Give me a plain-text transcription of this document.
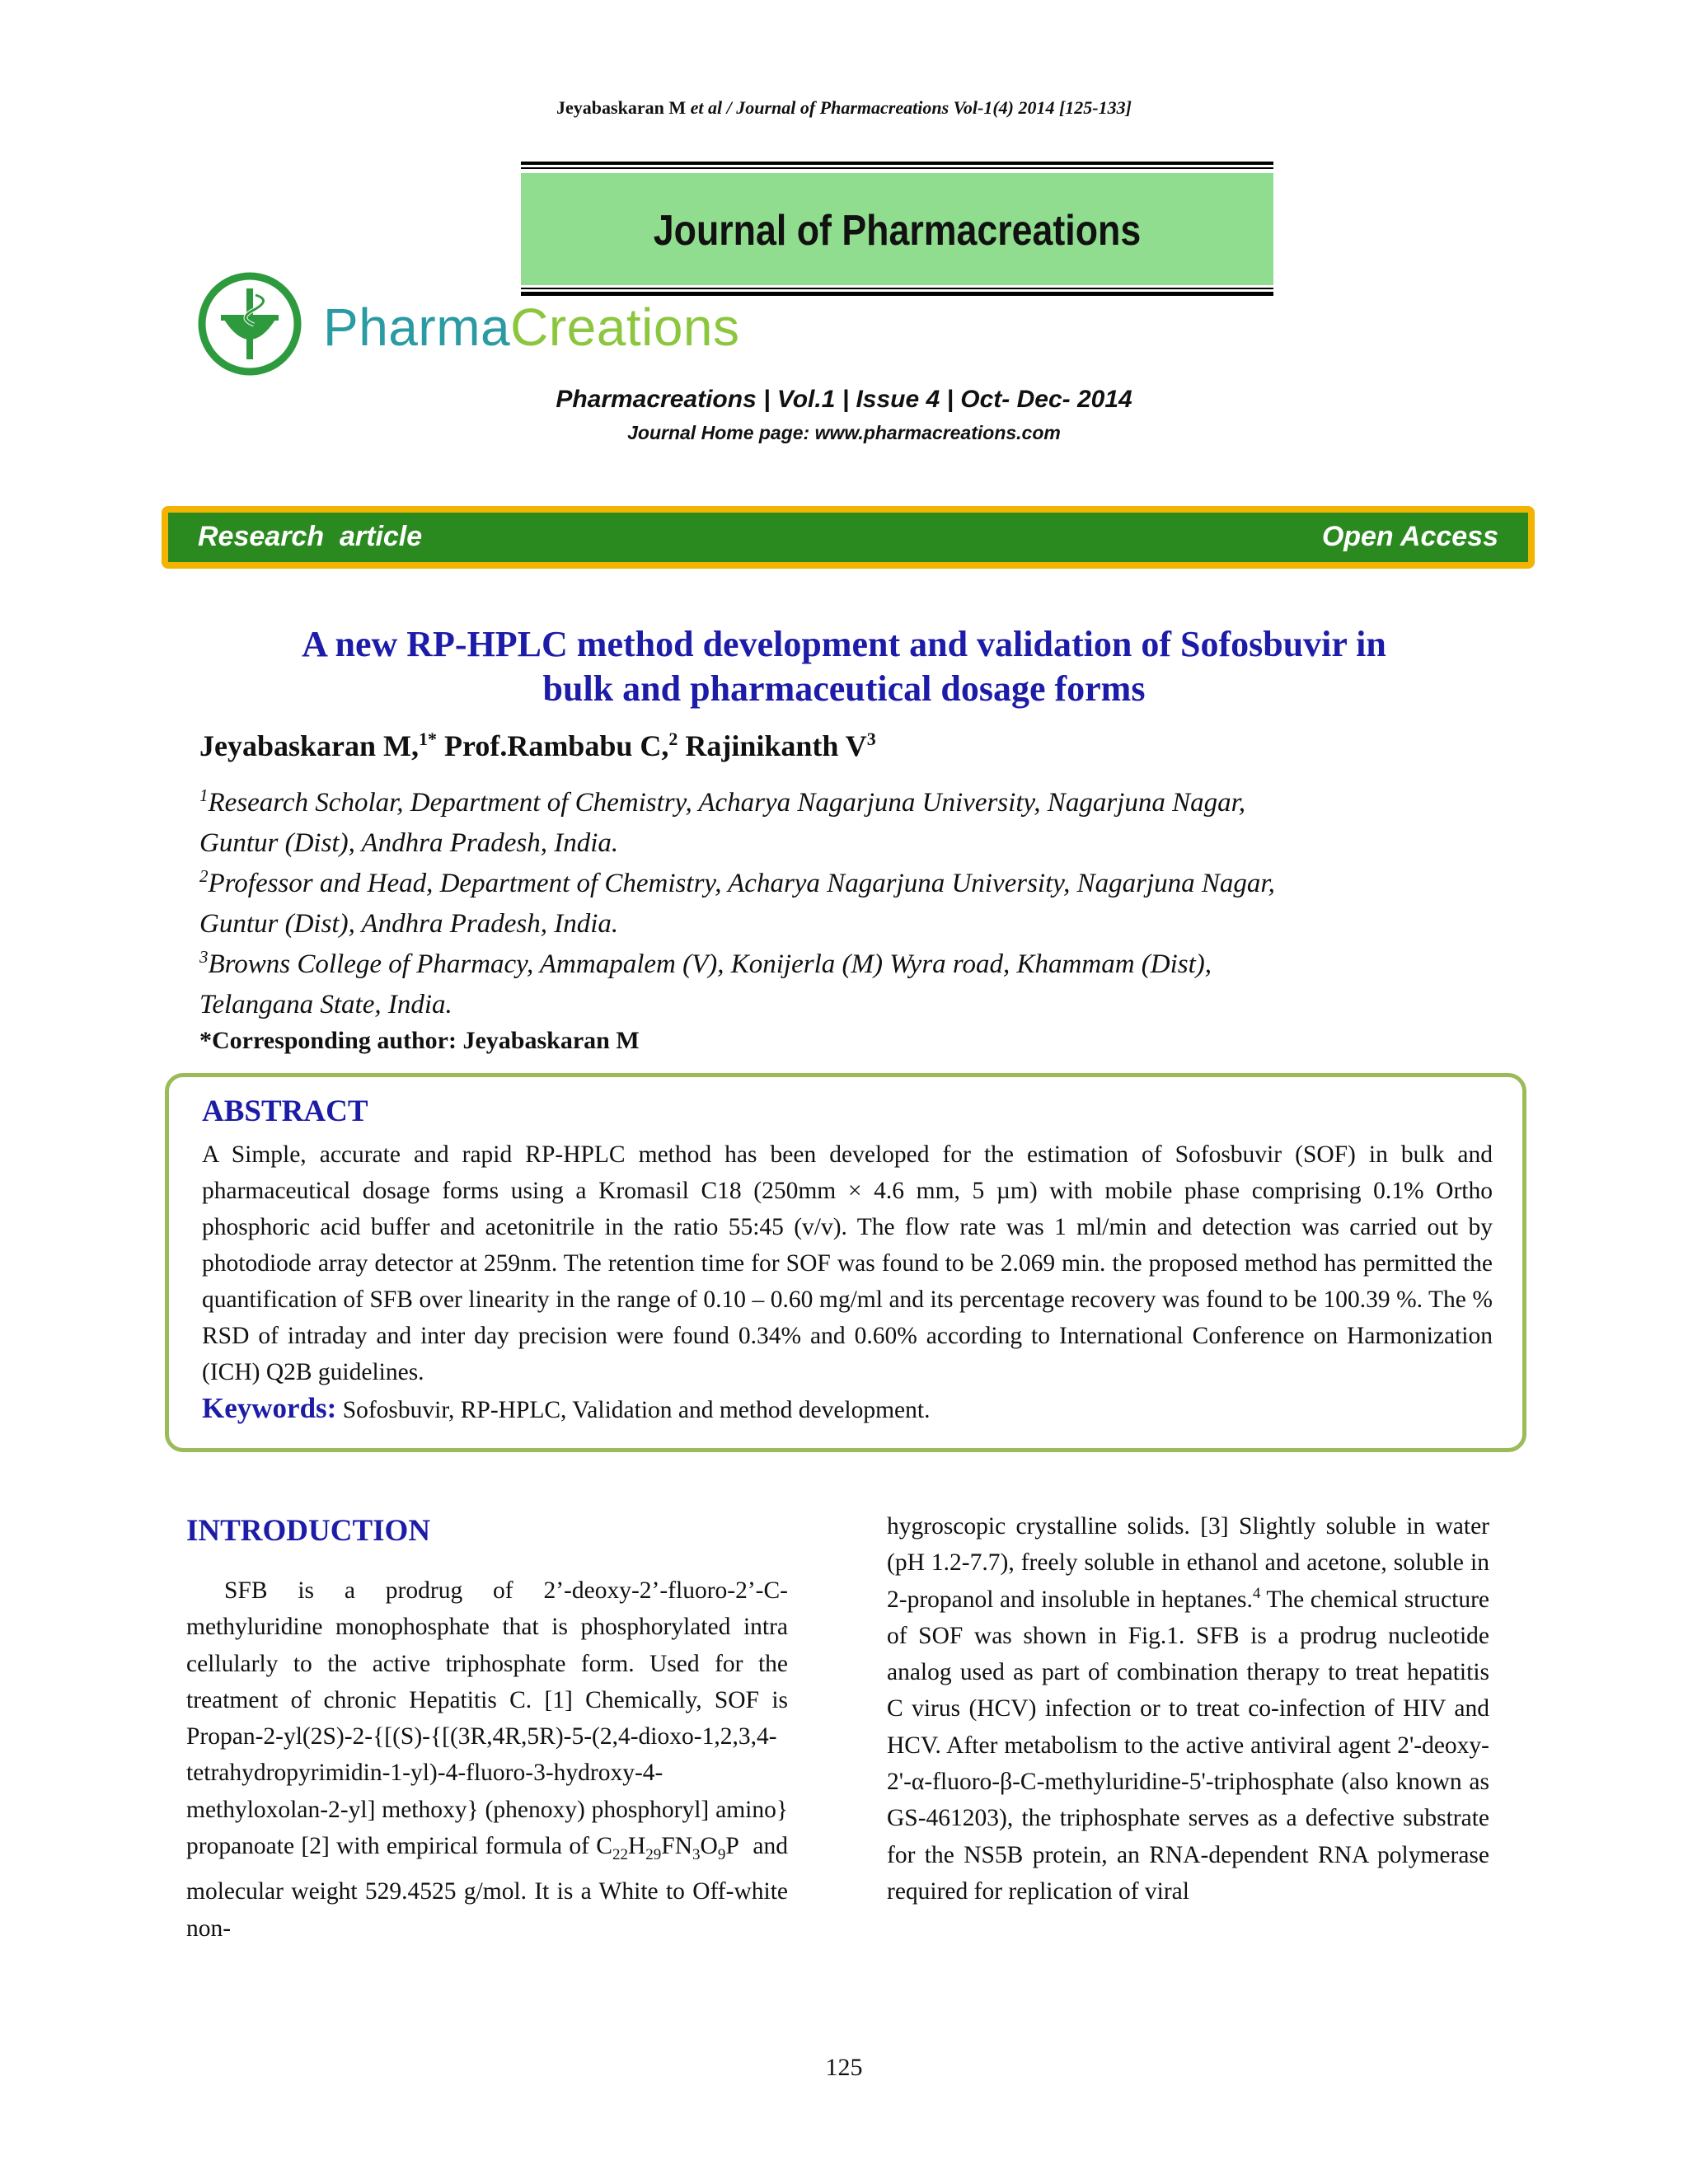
Jeyabaskaran M et al / Journal of Pharmacreations Vol-1(4) 2014 [125-133]
Journal of Pharmacreations
PharmaCreations
Pharmacreations | Vol.1 | Issue 4 | Oct- Dec- 2014
Journal Home page: www.pharmacreations.com
Research  article	Open Access
A new RP-HPLC method development and validation of Sofosbuvir in
bulk and pharmaceutical dosage forms
Jeyabaskaran M,$^{1*}$ Prof.Rambabu C,$^2$ Rajinikanth $V^3$
$^1$Research Scholar, Department of Chemistry, Acharya Nagarjuna University, Nagarjuna Nagar,
Guntur (Dist), Andhra Pradesh, India.
$^2$Professor and Head, Department of Chemistry, Acharya Nagarjuna University, Nagarjuna Nagar,
Guntur (Dist), Andhra Pradesh, India.
$^3$Browns College of Pharmacy, Ammapalem (V), Konijerla (M) Wyra road, Khammam (Dist),
Telangana State, India.
*Corresponding author: Jeyabaskaran M
ABSTRACT
A Simple, accurate and rapid RP-HPLC method has been developed for the estimation of Sofosbuvir (SOF) in bulk and pharmaceutical dosage forms using a Kromasil C18 (250mm × 4.6 mm, 5 µm) with mobile phase comprising 0.1% Ortho phosphoric acid buffer and acetonitrile in the ratio 55:45 (v/v). The flow rate was 1 ml/min and detection was carried out by photodiode array detector at 259nm. The retention time for SOF was found to be 2.069 min. the proposed method has permitted the quantification of SFB over linearity in the range of 0.10 – 0.60 mg/ml and its percentage recovery was found to be 100.39 %. The % RSD of intraday and inter day precision were found 0.34% and 0.60% according to International Conference on Harmonization (ICH) Q2B guidelines.
Keywords: Sofosbuvir, RP-HPLC, Validation and method development.
INTRODUCTION
SFB is a prodrug of 2’-deoxy-2’-fluoro-2’-C-methyluridine monophosphate that is phosphorylated intra cellularly to the active triphosphate form. Used for the treatment of chronic Hepatitis C. [1] Chemically, SOF is Propan-2-yl(2S)-2-{[(S)-{[(3R,4R,5R)-5-(2,4-dioxo-1,2,3,4-tetrahydropyrimidin-1-yl)-4-fluoro-3-hydroxy-4-methyloxolan-2-yl] methoxy} (phenoxy) phosphoryl] amino} propanoate [2] with empirical formula of $C_{22}H_{29}FN_3O_9P$ and molecular weight 529.4525 g/mol. It is a White to Off-white non-
hygroscopic crystalline solids. [3] Slightly soluble in water (pH 1.2-7.7), freely soluble in ethanol and acetone, soluble in 2-propanol and insoluble in heptanes.$^4$ The chemical structure of SOF was shown in Fig.1. SFB is a prodrug nucleotide analog used as part of combination therapy to treat hepatitis C virus (HCV) infection or to treat co-infection of HIV and HCV. After metabolism to the active antiviral agent 2'-deoxy-2'-α-fluoro-β-C-methyluridine-5'-triphosphate (also known as GS-461203), the triphosphate serves as a defective substrate for the NS5B protein, an RNA-dependent RNA polymerase required for replication of viral
125
